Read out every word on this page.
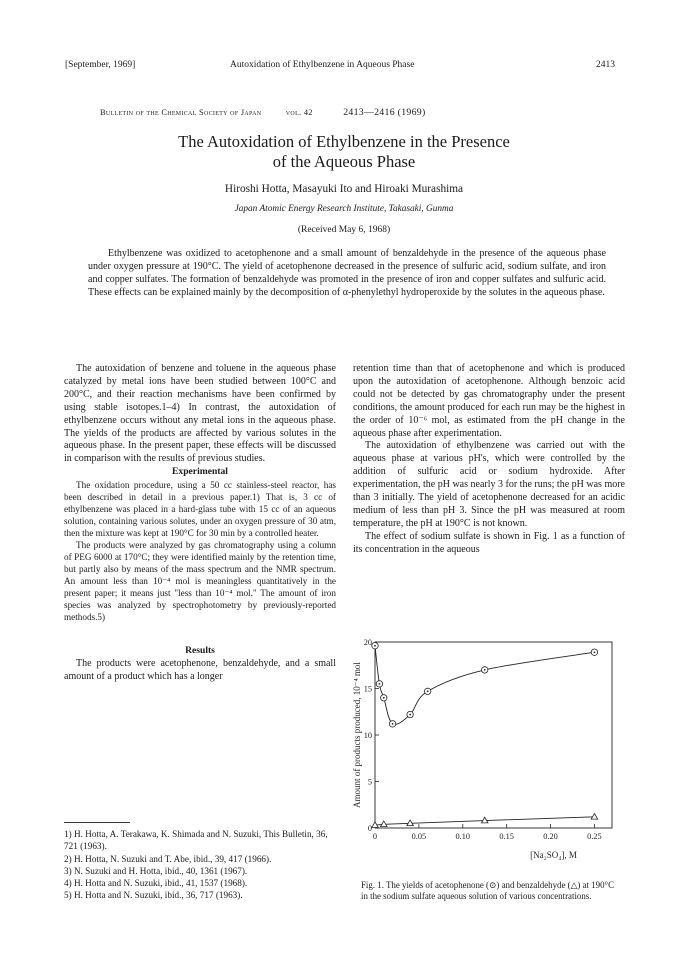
[September, 1969]	Autoxidation of Ethylbenzene in Aqueous Phase	2413
Bulletin of the Chemical Society of Japan	vol. 42	2413—2416 (1969)
The Autoxidation of Ethylbenzene in the Presence
of the Aqueous Phase
Hiroshi Hotta, Masayuki Ito and Hiroaki Murashima
Japan Atomic Energy Research Institute, Takasaki, Gunma
(Received May 6, 1968)

Ethylbenzene was oxidized to acetophenone and a small amount of benzaldehyde in the presence of the aqueous phase under oxygen pressure at 190°C. The yield of acetophenone decreased in the presence of sulfuric acid, sodium sulfate, and iron and copper sulfates. The formation of benzaldehyde was promoted in the presence of iron and copper sulfates and sulfuric acid. These effects can be explained mainly by the decomposition of α-phenylethyl hydroperoxide by the solutes in the aqueous phase.

The autoxidation of benzene and toluene in the aqueous phase catalyzed by metal ions have been studied between 100°C and 200°C, and their reaction mechanisms have been confirmed by using stable isotopes.1–4) In contrast, the autoxidation of ethylbenzene occurs without any metal ions in the aqueous phase. The yields of the products are affected by various solutes in the aqueous phase. In the present paper, these effects will be discussed in comparison with the results of previous studies.

Experimental

The oxidation procedure, using a 50 cc stainless-steel reactor, has been described in detail in a previous paper.1) That is, 3 cc of ethylbenzene was placed in a hard-glass tube with 15 cc of an aqueous solution, containing various solutes, under an oxygen pressure of 30 atm, then the mixture was kept at 190°C for 30 min by a controlled heater.

The products were analyzed by gas chromatography using a column of PEG 6000 at 170°C; they were identified mainly by the retention time, but partly also by means of the mass spectrum and the NMR spectrum. An amount less than 10⁻⁴ mol is meaningless quantitatively in the present paper; it means just "less than 10⁻⁴ mol." The amount of iron species was analyzed by spectrophotometry by previously-reported methods.5)

Results

The products were acetophenone, benzaldehyde, and a small amount of a product which has a longer

1) H. Hotta, A. Terakawa, K. Shimada and N. Suzuki, This Bulletin, 36, 721 (1963).
2) H. Hotta, N. Suzuki and T. Abe, ibid., 39, 417 (1966).
3) N. Suzuki and H. Hotta, ibid., 40, 1361 (1967).
4) H. Hotta and N. Suzuki, ibid., 41, 1537 (1968).
5) H. Hotta and N. Suzuki, ibid., 36, 717 (1963).

retention time than that of acetophenone and which is produced upon the autoxidation of acetophenone. Although benzoic acid could not be detected by gas chromatography under the present conditions, the amount produced for each run may be the highest in the order of 10⁻⁶ mol, as estimated from the pH change in the aqueous phase after experimentation.

The autoxidation of ethylbenzene was carried out with the aqueous phase at various pH's, which were controlled by the addition of sulfuric acid or sodium hydroxide. After experimentation, the pH was nearly 3 for the runs; the pH was more than 3 initially. The yield of acetophenone decreased for an acidic medium of less than pH 3. Since the pH was measured at room temperature, the pH at 190°C is not known.

The effect of sodium sulfate is shown in Fig. 1 as a function of its concentration in the aqueous

0	0.05	0.10	0.15	0.20	0.25
0
5
10
15
20
[Na₂SO₄], M
Amount of products produced, 10⁻⁴ mol
Fig. 1. The yields of acetophenone (⊙) and benzaldehyde (△) at 190°C in the sodium sulfate aqueous solution of various concentrations.
